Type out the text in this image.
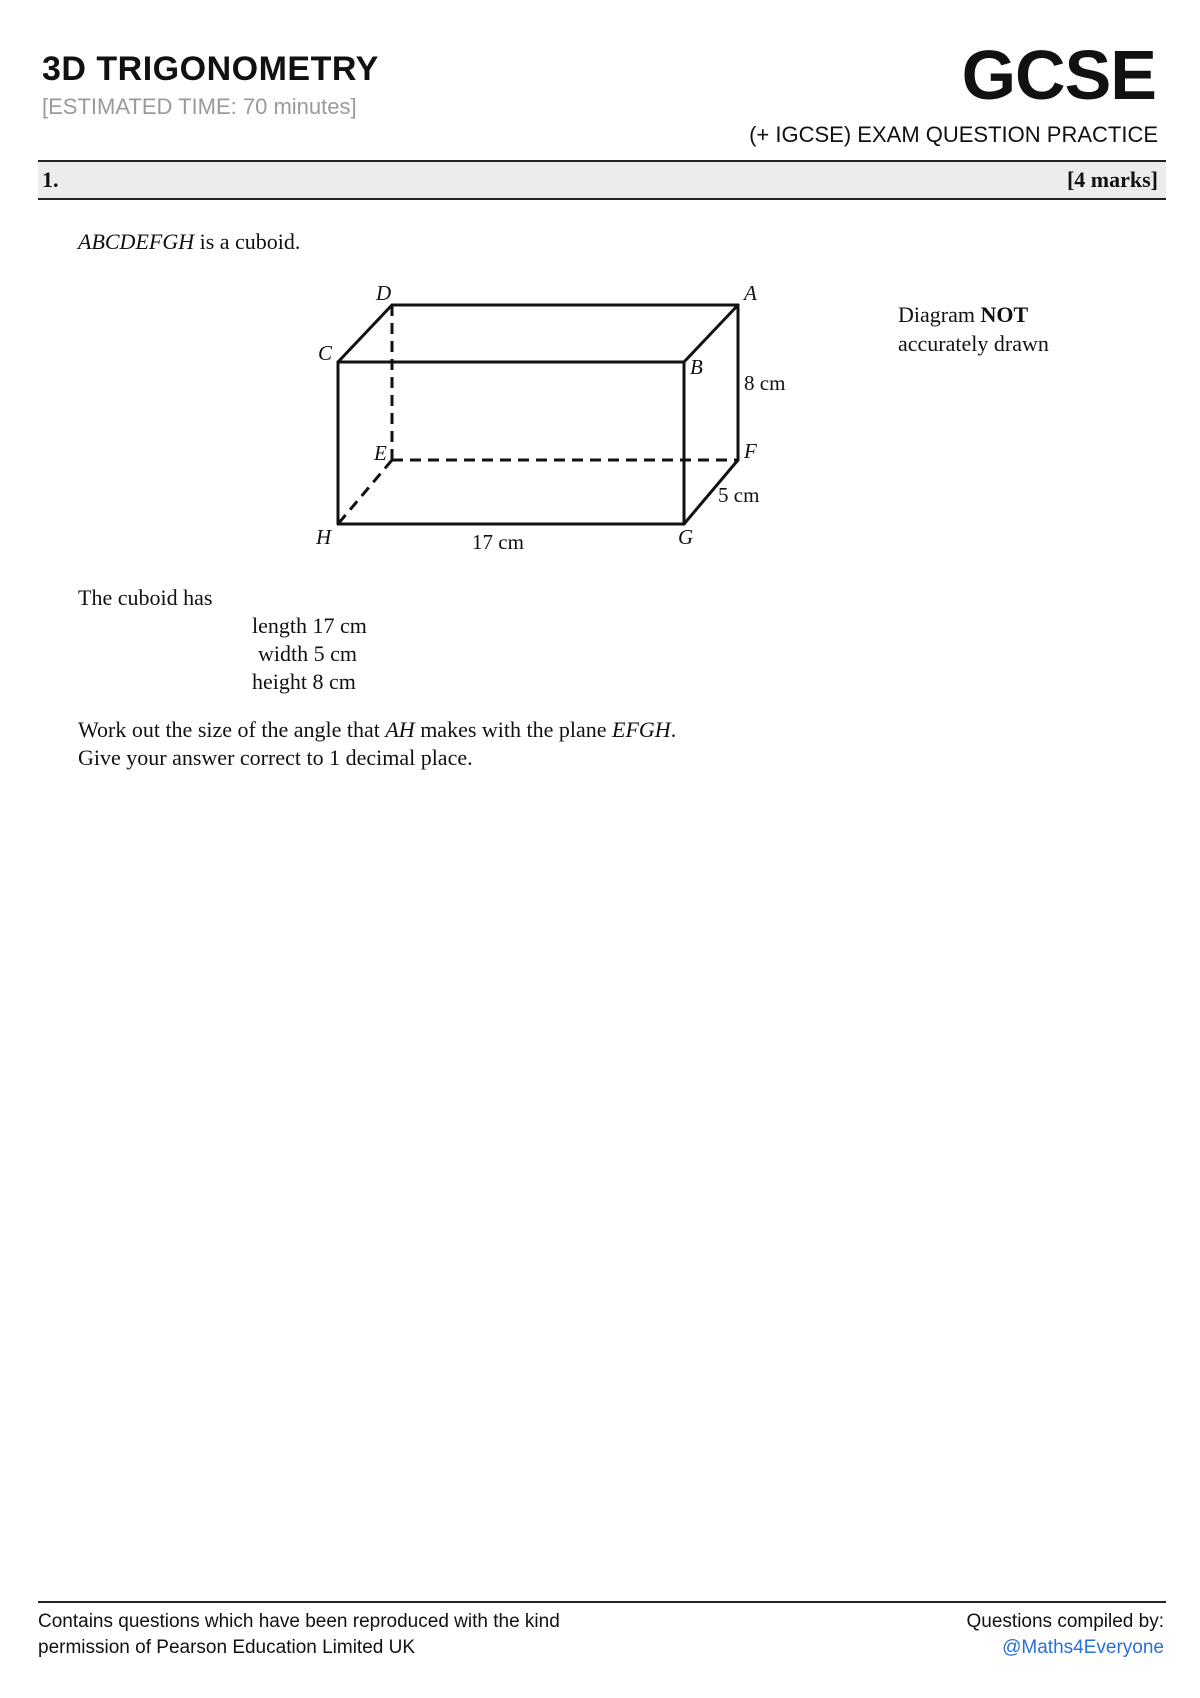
3D TRIGONOMETRY
[ESTIMATED TIME: 70 minutes]	GCSE
(+ IGCSE) EXAM QUESTION PRACTICE
1.	[4 marks]
ABCDEFGH is a cuboid.
D	A
C
B
E	F
H	G
8 cm
5 cm
17 cm
Diagram NOT
accurately drawn
The cuboid has
length 17 cm
width 5 cm
height 8 cm
Work out the size of the angle that AH makes with the plane EFGH.
Give your answer correct to 1 decimal place.
Contains questions which have been reproduced with the kind
permission of Pearson Education Limited UK
Questions compiled by:
@Maths4Everyone
